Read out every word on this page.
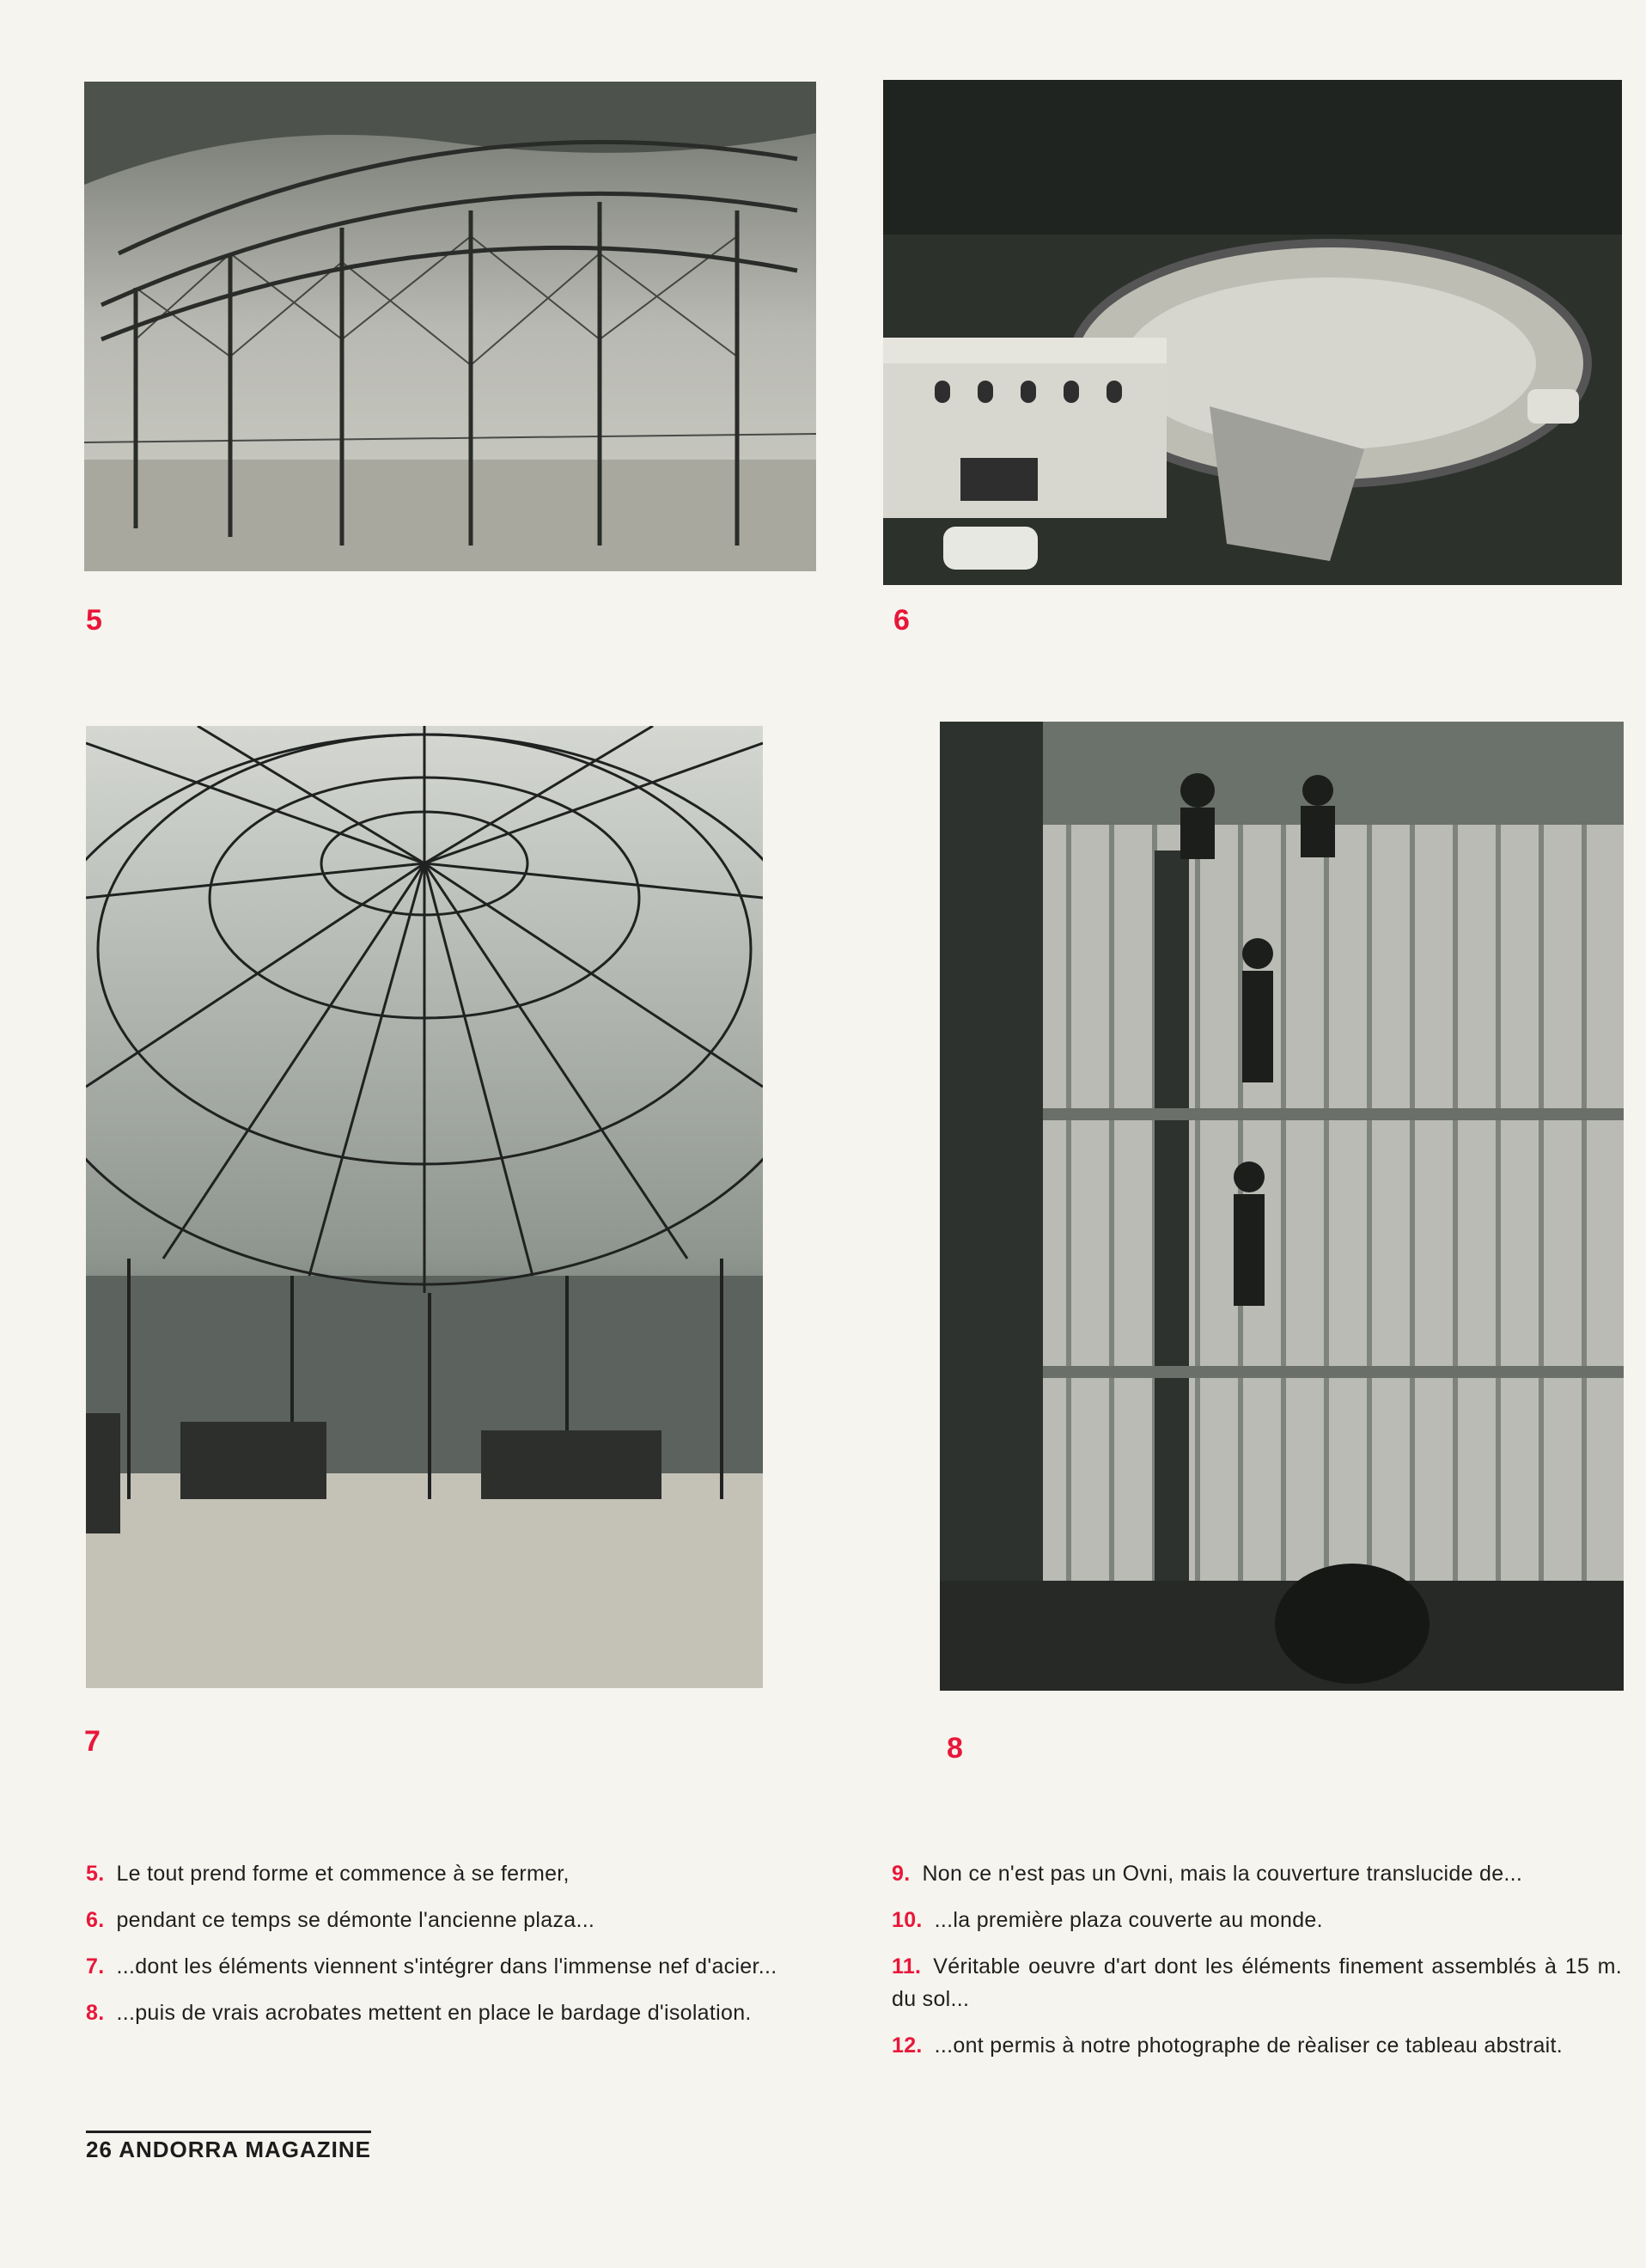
5	6
7	8

5. Le tout prend forme et commence à se fermer,

6. pendant ce temps se démonte l'ancienne plaza...

7. ...dont les éléments viennent s'intégrer dans l'immense nef d'acier...

8. ...puis de vrais acrobates mettent en place le bardage d'isolation.

9. Non ce n'est pas un Ovni, mais la couverture translucide de...

10. ...la première plaza couverte au monde.

11. Véritable oeuvre d'art dont les éléments finement assemblés à 15 m. du sol...

12. ...ont permis à notre photographe de rèaliser ce tableau abstrait.

26 ANDORRA MAGAZINE
